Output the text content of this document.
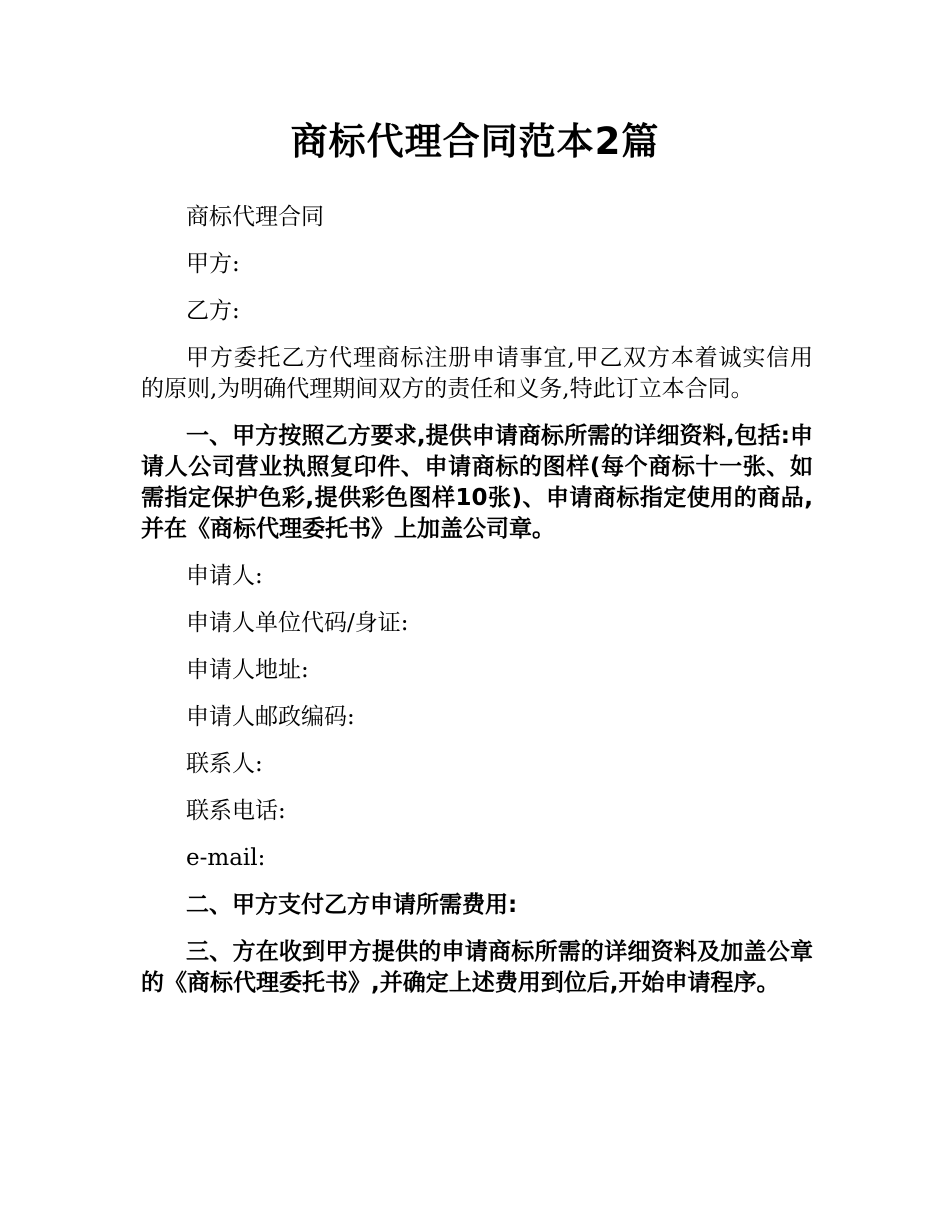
商标代理合同范本2篇

商标代理合同

甲方:

乙方:

甲方委托乙方代理商标注册申请事宜,甲乙双方本着诚实信用的原则,为明确代理期间双方的责任和义务,特此订立本合同。

一、甲方按照乙方要求,提供申请商标所需的详细资料,包括:申请人公司营业执照复印件、申请商标的图样(每个商标十一张、如需指定保护色彩,提供彩色图样10张)、申请商标指定使用的商品,并在《商标代理委托书》上加盖公司章。

申请人:

申请人单位代码/身证:

申请人地址:

申请人邮政编码:

联系人:

联系电话:

e-mail:

二、甲方支付乙方申请所需费用:

三、方在收到甲方提供的申请商标所需的详细资料及加盖公章的《商标代理委托书》,并确定上述费用到位后,开始申请程序。
